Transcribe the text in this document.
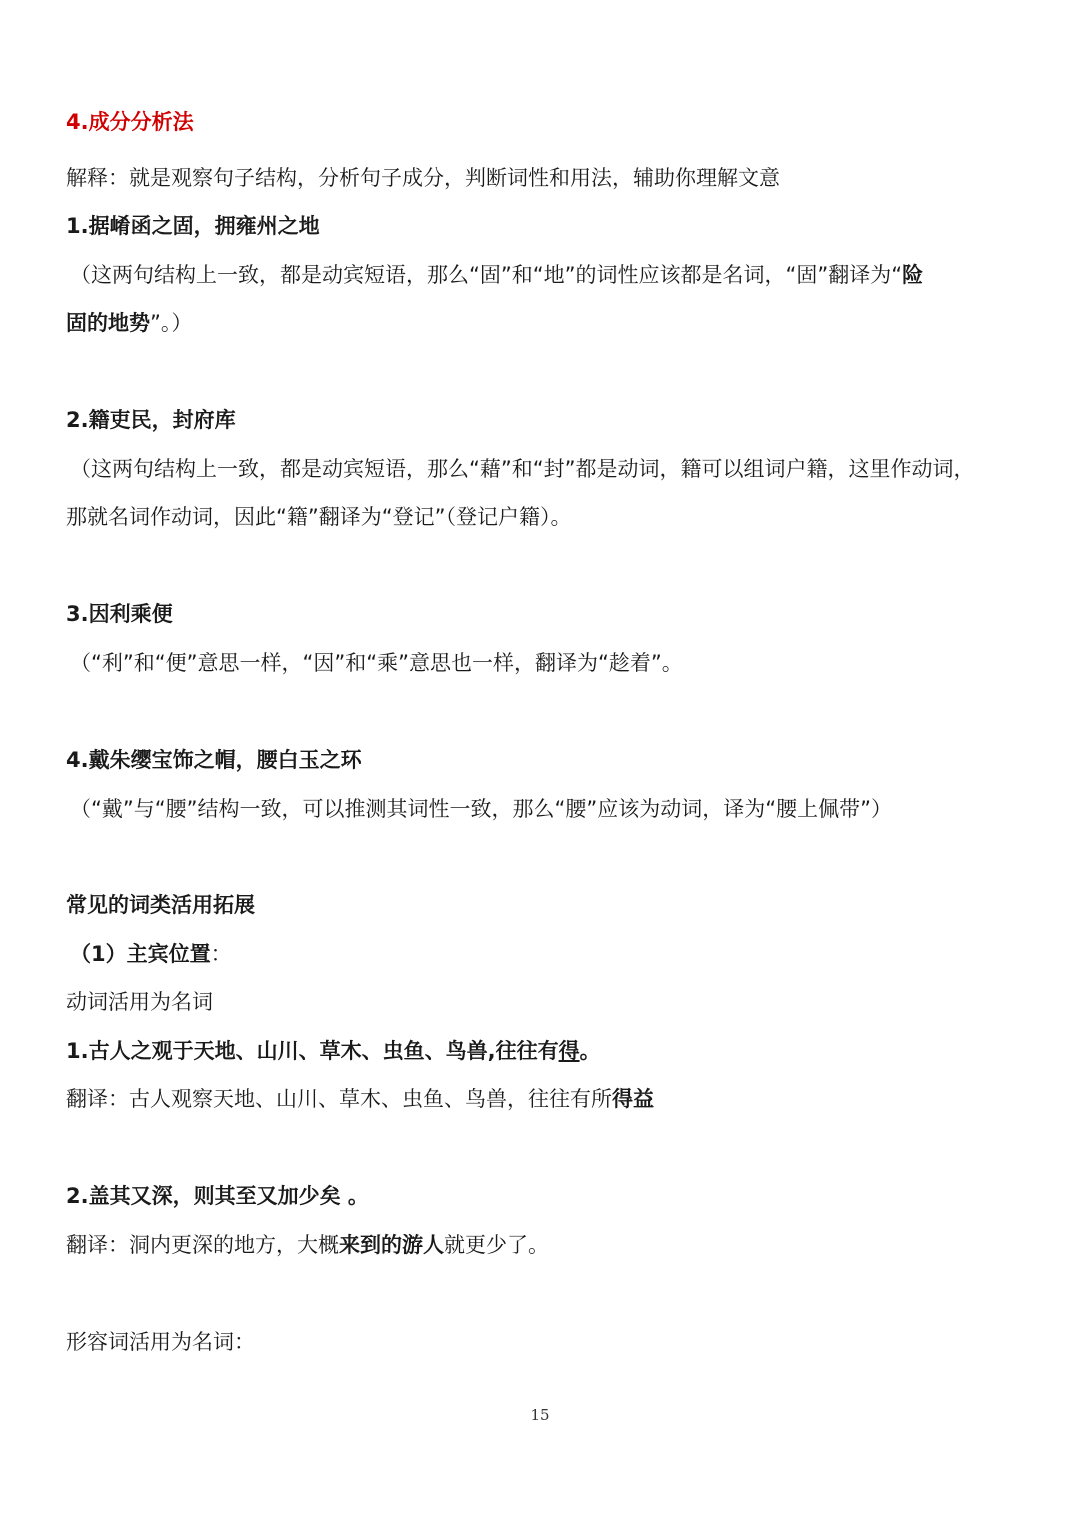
4.成分分析法
解释：就是观察句子结构，分析句子成分，判断词性和用法，辅助你理解文意
1.据崤函之固，拥雍州之地
（这两句结构上一致，都是动宾短语，那么“固”和“地”的词性应该都是名词，“固”翻译为“险
固的地势”。）
2.籍吏民，封府库
（这两句结构上一致，都是动宾短语，那么“藉”和“封”都是动词，籍可以组词户籍，这里作动词，
那就名词作动词，因此“籍”翻译为“登记”（登记户籍）。
3.因利乘便
（“利”和“便”意思一样，“因”和“乘”意思也一样，翻译为“趁着”。
4.戴朱缨宝饰之帽，腰白玉之环
（“戴”与“腰”结构一致，可以推测其词性一致，那么“腰”应该为动词，译为“腰上佩带”）
常见的词类活用拓展
（1）主宾位置：
动词活用为名词
1.古人之观于天地、山川、草木、虫鱼、鸟兽,往往有得。
翻译：古人观察天地、山川、草木、虫鱼、鸟兽，往往有所得益
2.盖其又深，则其至又加少矣 。
翻译：洞内更深的地方，大概来到的游人就更少了。
形容词活用为名词：
15
